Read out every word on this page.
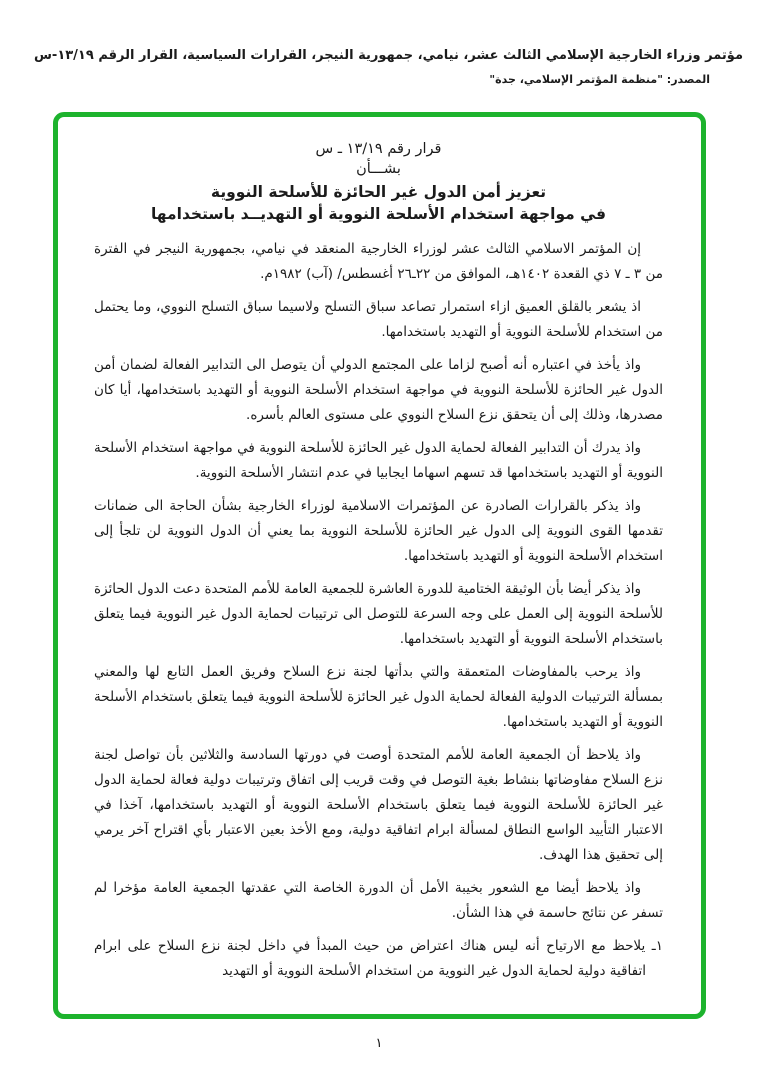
مؤتمر وزراء الخارجية الإسلامي الثالث عشر، نيامي، جمهورية النيجر، القرارات السياسية، القرار الرقم ١٣/١٩-س
المصدر: "منظمة المؤتمر الإسلامي، جدة"
قرار رقم ١٣/١٩ ـ س
بشـــأن
تعزيز أمن الدول غير الحائزة للأسلحة النووية
في مواجهة استخدام الأسلحة النووية أو التهديــد باستخدامها

إن المؤتمر الاسلامي الثالث عشر لوزراء الخارجية المنعقد في نيامي، بجمهورية النيجر في الفترة من ٣ ـ ٧ ذي القعدة ١٤٠٢هـ، الموافق من ٢٢ـ٢٦ أغسطس/ (آب) ١٩٨٢م.

اذ يشعر بالقلق العميق ازاء استمرار تصاعد سباق التسلح ولاسيما سباق التسلح النووي، وما يحتمل من استخدام للأسلحة النووية أو التهديد باستخدامها.

واذ يأخذ في اعتباره أنه أصبح لزاما على المجتمع الدولي أن يتوصل الى التدابير الفعالة لضمان أمن الدول غير الحائزة للأسلحة النووية في مواجهة استخدام الأسلحة النووية أو التهديد باستخدامها، أيا كان مصدرها، وذلك إلى أن يتحقق نزع السلاح النووي على مستوى العالم بأسره.

واذ يدرك أن التدابير الفعالة لحماية الدول غير الحائزة للأسلحة النووية في مواجهة استخدام الأسلحة النووية أو التهديد باستخدامها قد تسهم اسهاما ايجابيا في عدم انتشار الأسلحة النووية.

واذ يذكر بالقرارات الصادرة عن المؤتمرات الاسلامية لوزراء الخارجية بشأن الحاجة الى ضمانات تقدمها القوى النووية إلى الدول غير الحائزة للأسلحة النووية بما يعني أن الدول النووية لن تلجأ إلى استخدام الأسلحة النووية أو التهديد باستخدامها.

واذ يذكر أيضا بأن الوثيقة الختامية للدورة العاشرة للجمعية العامة للأمم المتحدة دعت الدول الحائزة للأسلحة النووية إلى العمل على وجه السرعة للتوصل الى ترتيبات لحماية الدول غير النووية فيما يتعلق باستخدام الأسلحة النووية أو التهديد باستخدامها.

واذ يرحب بالمفاوضات المتعمقة والتي بدأتها لجنة نزع السلاح وفريق العمل التابع لها والمعني بمسألة الترتيبات الدولية الفعالة لحماية الدول غير الحائزة للأسلحة النووية فيما يتعلق باستخدام الأسلحة النووية أو التهديد باستخدامها.

واذ يلاحظ أن الجمعية العامة للأمم المتحدة أوصت في دورتها السادسة والثلاثين بأن تواصل لجنة نزع السلاح مفاوضاتها بنشاط بغية التوصل في وقت قريب إلى اتفاق وترتيبات دولية فعالة لحماية الدول غير الحائزة للأسلحة النووية فيما يتعلق باستخدام الأسلحة النووية أو التهديد باستخدامها، آخذا في الاعتبار التأييد الواسع النطاق لمسألة ابرام اتفاقية دولية، ومع الأخذ بعين الاعتبار بأي اقتراح آخر يرمي إلى تحقيق هذا الهدف.

واذ يلاحظ أيضا مع الشعور بخيبة الأمل أن الدورة الخاصة التي عقدتها الجمعية العامة مؤخرا لم تسفر عن نتائج حاسمة في هذا الشأن.

١ـ يلاحظ مع الارتياح أنه ليس هناك اعتراض من حيث المبدأ في داخل لجنة نزع السلاح على ابرام اتفاقية دولية لحماية الدول غير النووية من استخدام الأسلحة النووية أو التهديد

١
